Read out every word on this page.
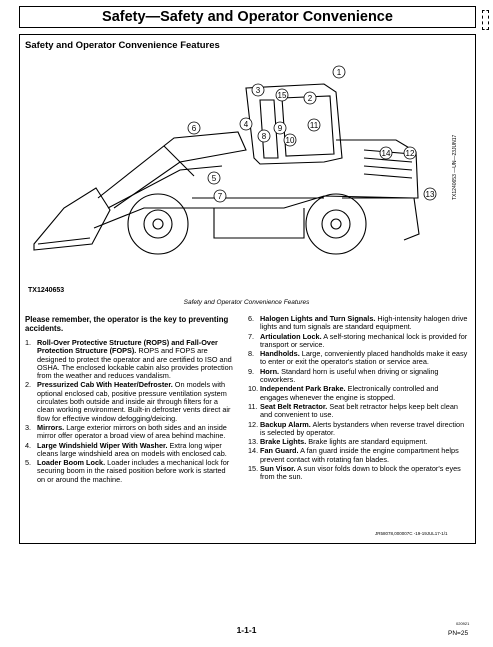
Safety—Safety and Operator Convenience
Safety and Operator Convenience Features
1
2
3
4
5
6
7
8
9
10
11
12
13
14
15
TX1240653 —UN—23JUN17
TX1240653
Safety and Operator Convenience Features
Please remember, the operator is the key to preventing accidents.
1. Roll-Over Protective Structure (ROPS) and Fall-Over Protection Structure (FOPS). ROPS and FOPS are designed to protect the operator and are certified to ISO and OSHA. The enclosed lockable cabin also provides protection from the weather and reduces vandalism.
2. Pressurized Cab With Heater/Defroster. On models with optional enclosed cab, positive pressure ventilation system circulates both outside and inside air through filters for a clean working environment. Built-in defroster vents direct air flow for effective window defogging/deicing.
3. Mirrors. Large exterior mirrors on both sides and an inside mirror offer operator a broad view of area behind machine.
4. Large Windshield Wiper With Washer. Extra long wiper cleans large windshield area on models with enclosed cab.
5. Loader Boom Lock. Loader includes a mechanical lock for securing boom in the raised position before work is started on or around the machine.
6. Halogen Lights and Turn Signals. High-intensity halogen drive lights and turn signals are standard equipment.
7. Articulation Lock. A self-storing mechanical lock is provided for transport or service.
8. Handholds. Large, conveniently placed handholds make it easy to enter or exit the operator's station or service area.
9. Horn. Standard horn is useful when driving or signaling coworkers.
10. Independent Park Brake. Electronically controlled and engages whenever the engine is stopped.
11. Seat Belt Retractor. Seat belt retractor helps keep belt clean and convenient to use.
12. Backup Alarm. Alerts bystanders when reverse travel direction is selected by operator.
13. Brake Lights. Brake lights are standard equipment.
14. Fan Guard. A fan guard inside the engine compartment helps prevent contact with rotating fan blades.
15. Sun Visor. A sun visor folds down to block the operator's eyes from the sun.
JR58078,000007C -19-19JUL17-1/1
1-1-1
020921
PN=25
